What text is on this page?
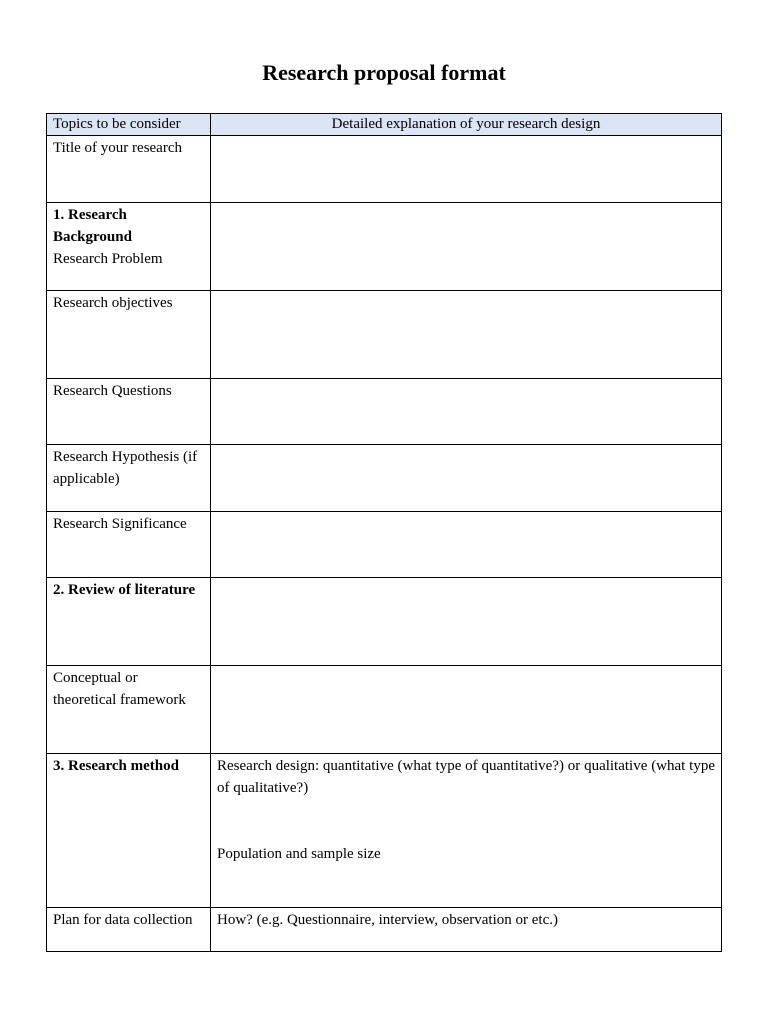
Research proposal format
Topics to be consider	Detailed explanation of your research design

Title of your research	

1. Research Background
Research Problem	

Research objectives	

Research Questions	

Research Hypothesis (if applicable)	

Research Significance	

2. Review of literature	

Conceptual or theoretical framework	

3. Research method	Research design: quantitative (what type of quantitative?) or qualitative (what type of qualitative?)

Population and sample size

Plan for data collection	How? (e.g. Questionnaire, interview, observation or etc.)
